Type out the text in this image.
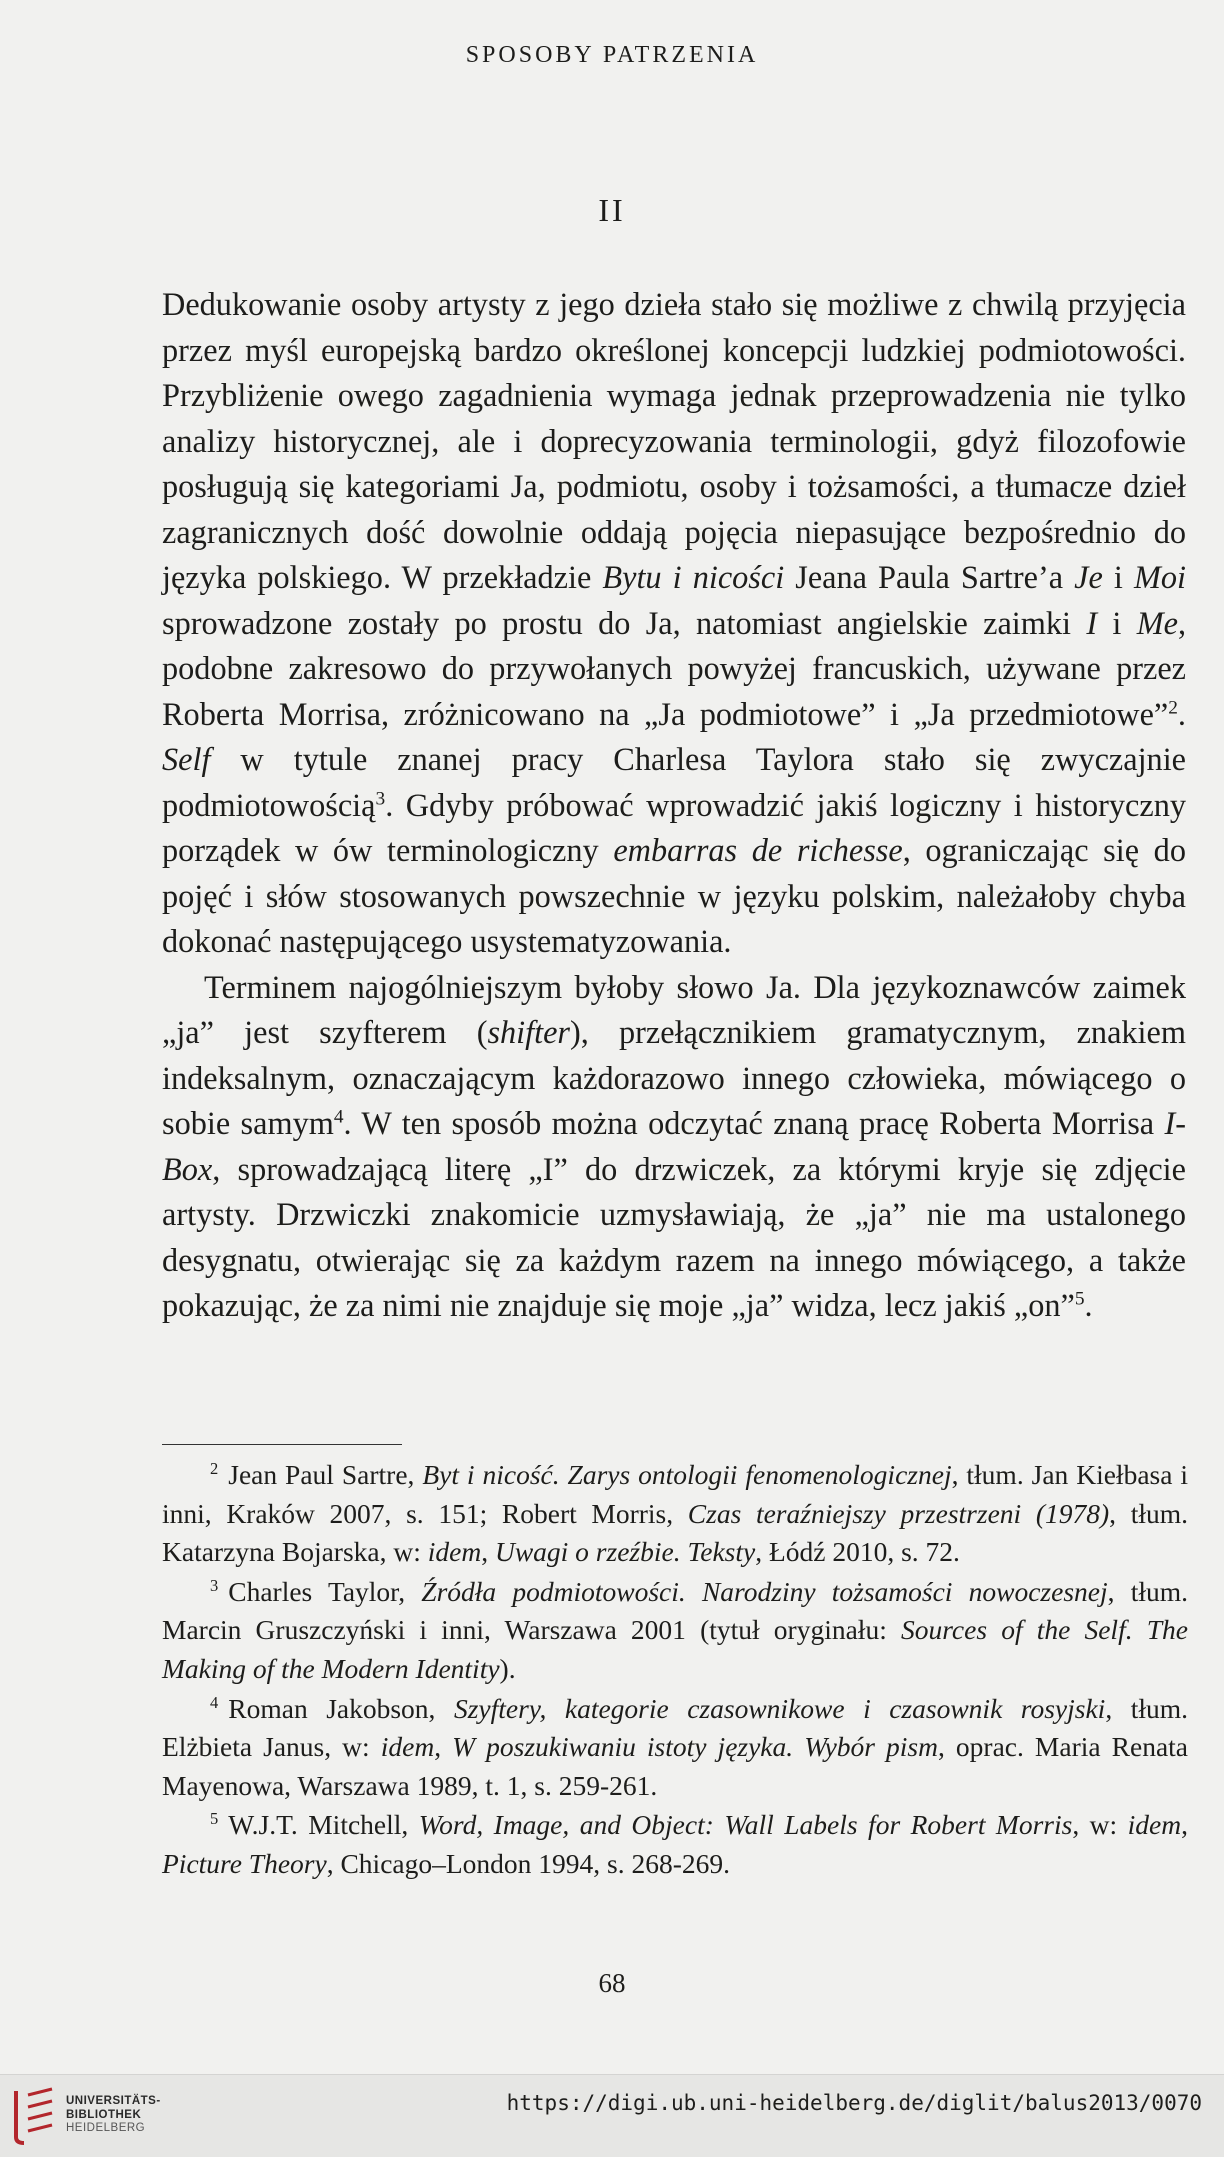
SPOSOBY PATRZENIA
II

Dedukowanie osoby artysty z jego dzieła stało się możliwe z chwilą przyjęcia przez myśl europejską bardzo określonej koncepcji ludzkiej podmiotowości. Przybliżenie owego zagadnienia wymaga jednak przeprowadzenia nie tylko analizy historycznej, ale i doprecyzowania terminologii, gdyż filozofowie posługują się kategoriami Ja, podmiotu, osoby i tożsamości, a tłumacze dzieł zagranicznych dość dowolnie oddają pojęcia niepasujące bezpośrednio do języka polskiego. W przekładzie Bytu i nicości Jeana Paula Sartre’a Je i Moi sprowadzone zostały po prostu do Ja, natomiast angielskie zaimki I i Me, podobne zakresowo do przywołanych powyżej francuskich, używane przez Roberta Morrisa, zróżnicowano na „Ja podmiotowe” i „Ja przedmiotowe”$^2$. Self w tytule znanej pracy Charlesa Taylora stało się zwyczajnie podmiotowością$^3$. Gdyby próbować wprowadzić jakiś logiczny i historyczny porządek w ów terminologiczny embarras de richesse, ograniczając się do pojęć i słów stosowanych powszechnie w języku polskim, należałoby chyba dokonać następującego usystematyzowania.

Terminem najogólniejszym byłoby słowo Ja. Dla językoznawców zaimek „ja” jest szyfterem (shifter), przełącznikiem gramatycznym, znakiem indeksalnym, oznaczającym każdorazowo innego człowieka, mówiącego o sobie samym$^4$. W ten sposób można odczytać znaną pracę Roberta Morrisa I-Box, sprowadzającą literę „I” do drzwiczek, za którymi kryje się zdjęcie artysty. Drzwiczki znakomicie uzmysławiają, że „ja” nie ma ustalonego desygnatu, otwierając się za każdym razem na innego mówiącego, a także pokazując, że za nimi nie znajduje się moje „ja” widza, lecz jakiś „on”$^5$.

$^2$ Jean Paul Sartre, Byt i nicość. Zarys ontologii fenomenologicznej, tłum. Jan Kiełbasa i inni, Kraków 2007, s. 151; Robert Morris, Czas teraźniejszy przestrzeni (1978), tłum. Katarzyna Bojarska, w: idem, Uwagi o rzeźbie. Teksty, Łódź 2010, s. 72.

$^3$ Charles Taylor, Źródła podmiotowości. Narodziny tożsamości nowoczesnej, tłum. Marcin Gruszczyński i inni, Warszawa 2001 (tytuł oryginału: Sources of the Self. The Making of the Modern Identity).

$^4$ Roman Jakobson, Szyftery, kategorie czasownikowe i czasownik rosyjski, tłum. Elżbieta Janus, w: idem, W poszukiwaniu istoty języka. Wybór pism, oprac. Maria Renata Mayenowa, Warszawa 1989, t. 1, s. 259-261.

$^5$ W.J.T. Mitchell, Word, Image, and Object: Wall Labels for Robert Morris, w: idem, Picture Theory, Chicago–London 1994, s. 268-269.

68
UNIVERSITÄTS-
BIBLIOTHEK
HEIDELBERG
https://digi.ub.uni-heidelberg.de/diglit/balus2013/0070
